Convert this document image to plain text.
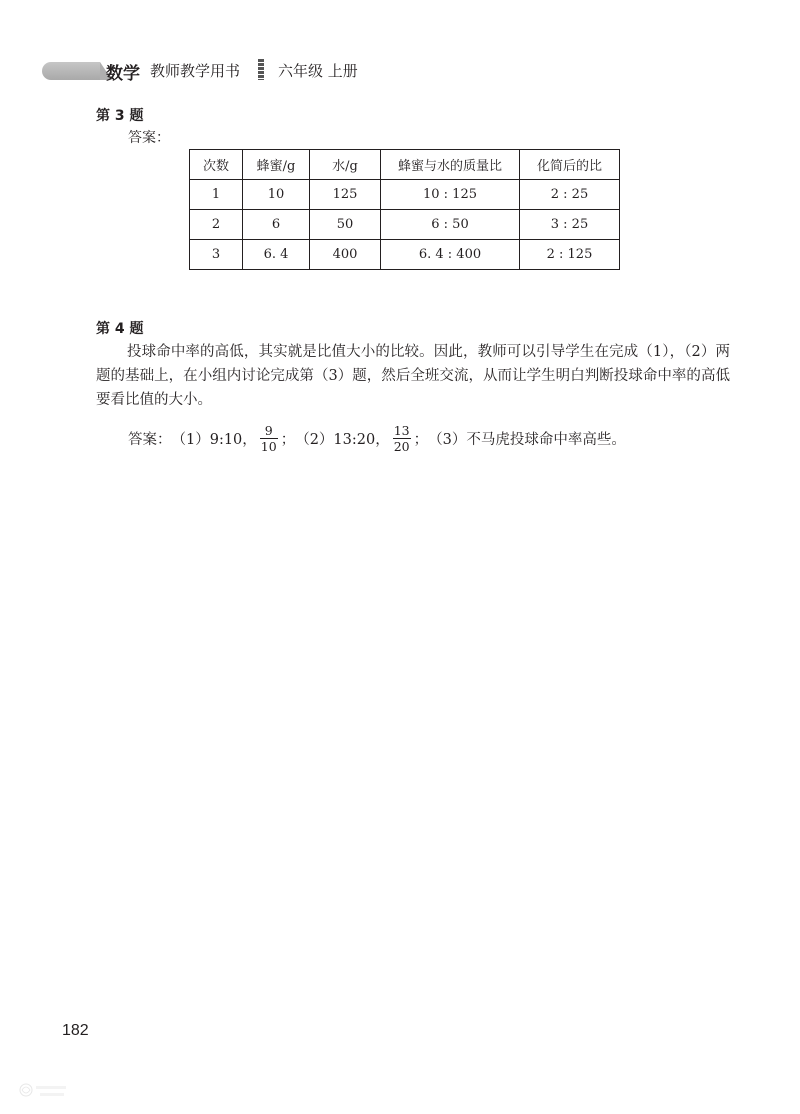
数学 教师教学用书	六年级 上册
第 3 题
答案：
次数	蜂蜜/g	水/g	蜂蜜与水的质量比	化简后的比
1	10	125	10 : 125	2 : 25
2	6	50	6 : 50	3 : 25
3	6. 4	400	6. 4 : 400	2 : 125
第 4 题
投球命中率的高低，其实就是比值大小的比较。因此，教师可以引导学生在完成（1），（2）两题的基础上，在小组内讨论完成第（3）题，然后全班交流，从而让学生明白判断投球命中率的高低要看比值的大小。
答案： （1）9:10， $\frac{9}{10}$ ； （2）13:20， $\frac{13}{20}$ ； （3）不马虎投球命中率高些。
182
